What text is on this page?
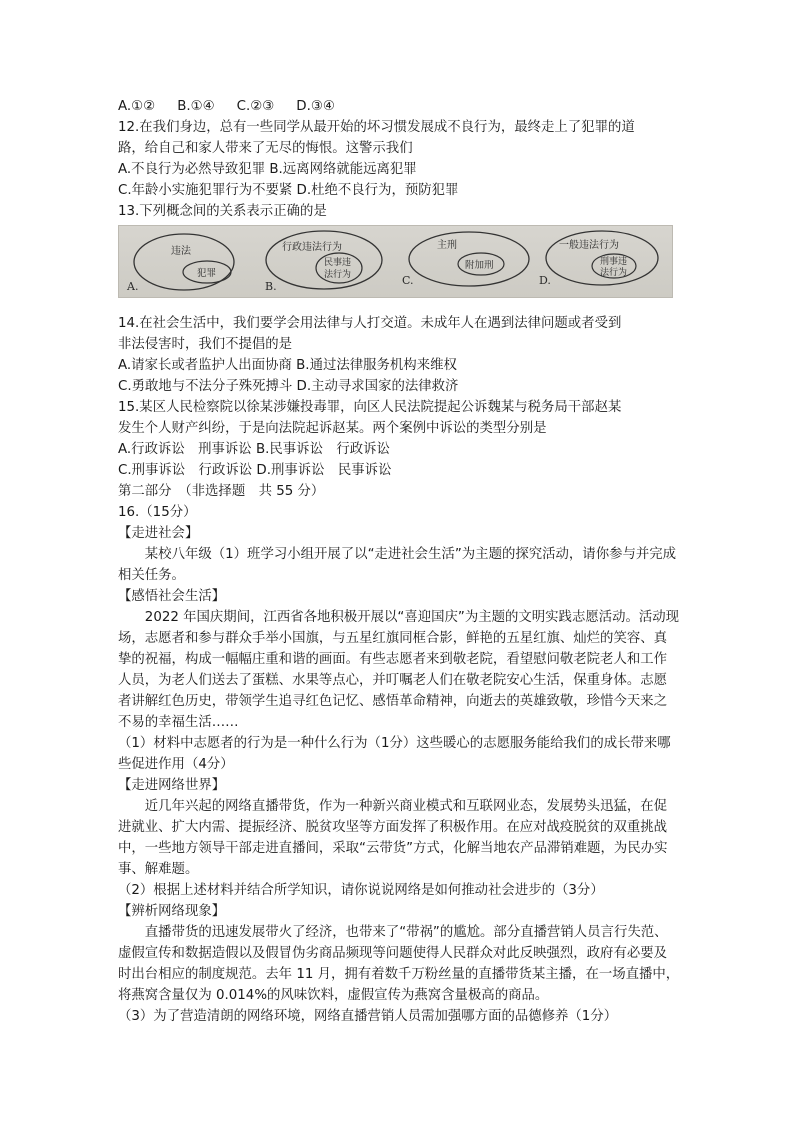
A.①② B.①④ C.②③ D.③④
12.在我们身边，总有一些同学从最开始的坏习惯发展成不良行为，最终走上了犯罪的道
路，给自己和家人带来了无尽的悔恨。这警示我们
A.不良行为必然导致犯罪 B.远离网络就能远离犯罪
C.年龄小实施犯罪行为不要紧 D.杜绝不良行为，预防犯罪
13.下列概念间的关系表示正确的是
违法
犯罪
A.
行政违法行为
民事违
法行为
B.
主刑
附加刑
C.
一般违法行为
刑事违
法行为
D.
14.在社会生活中，我们要学会用法律与人打交道。未成年人在遇到法律问题或者受到
非法侵害时，我们不提倡的是
A.请家长或者监护人出面协商 B.通过法律服务机构来维权
C.勇敢地与不法分子殊死搏斗 D.主动寻求国家的法律救济
15.某区人民检察院以徐某涉嫌投毒罪，向区人民法院提起公诉魏某与税务局干部赵某
发生个人财产纠纷，于是向法院起诉赵某。两个案例中诉讼的类型分别是
A.行政诉讼　刑事诉讼 B.民事诉讼　行政诉讼
C.刑事诉讼　行政诉讼 D.刑事诉讼　民事诉讼
第二部分　（非选择题　共 55 分）
16.（15分）
【走进社会】
某校八年级（1）班学习小组开展了以“走进社会生活”为主题的探究活动，请你参与并完成相关任务。
【感悟社会生活】
2022 年国庆期间，江西省各地积极开展以“喜迎国庆”为主题的文明实践志愿活动。活动现场，志愿者和参与群众手举小国旗，与五星红旗同框合影，鲜艳的五星红旗、灿烂的笑容、真挚的祝福，构成一幅幅庄重和谐的画面。有些志愿者来到敬老院，看望慰问敬老院老人和工作人员，为老人们送去了蛋糕、水果等点心，并叮嘱老人们在敬老院安心生活，保重身体。志愿者讲解红色历史，带领学生追寻红色记忆、感悟革命精神，向逝去的英雄致敬，珍惜今天来之不易的幸福生活……
（1）材料中志愿者的行为是一种什么行为（1分）这些暖心的志愿服务能给我们的成长带来哪些促进作用（4分）
【走进网络世界】
近几年兴起的网络直播带货，作为一种新兴商业模式和互联网业态，发展势头迅猛，在促进就业、扩大内需、提振经济、脱贫攻坚等方面发挥了积极作用。在应对战疫脱贫的双重挑战中，一些地方领导干部走进直播间，采取“云带货”方式，化解当地农产品滞销难题，为民办实事、解难题。
（2）根据上述材料并结合所学知识，请你说说网络是如何推动社会进步的（3分）
【辨析网络现象】
直播带货的迅速发展带火了经济，也带来了“带祸”的尴尬。部分直播营销人员言行失范、虚假宣传和数据造假以及假冒伪劣商品频现等问题使得人民群众对此反映强烈，政府有必要及时出台相应的制度规范。去年 11 月，拥有着数千万粉丝量的直播带货某主播，在一场直播中，将燕窝含量仅为 0.014%的风味饮料，虚假宣传为燕窝含量极高的商品。
（3）为了营造清朗的网络环境，网络直播营销人员需加强哪方面的品德修养（1分）
